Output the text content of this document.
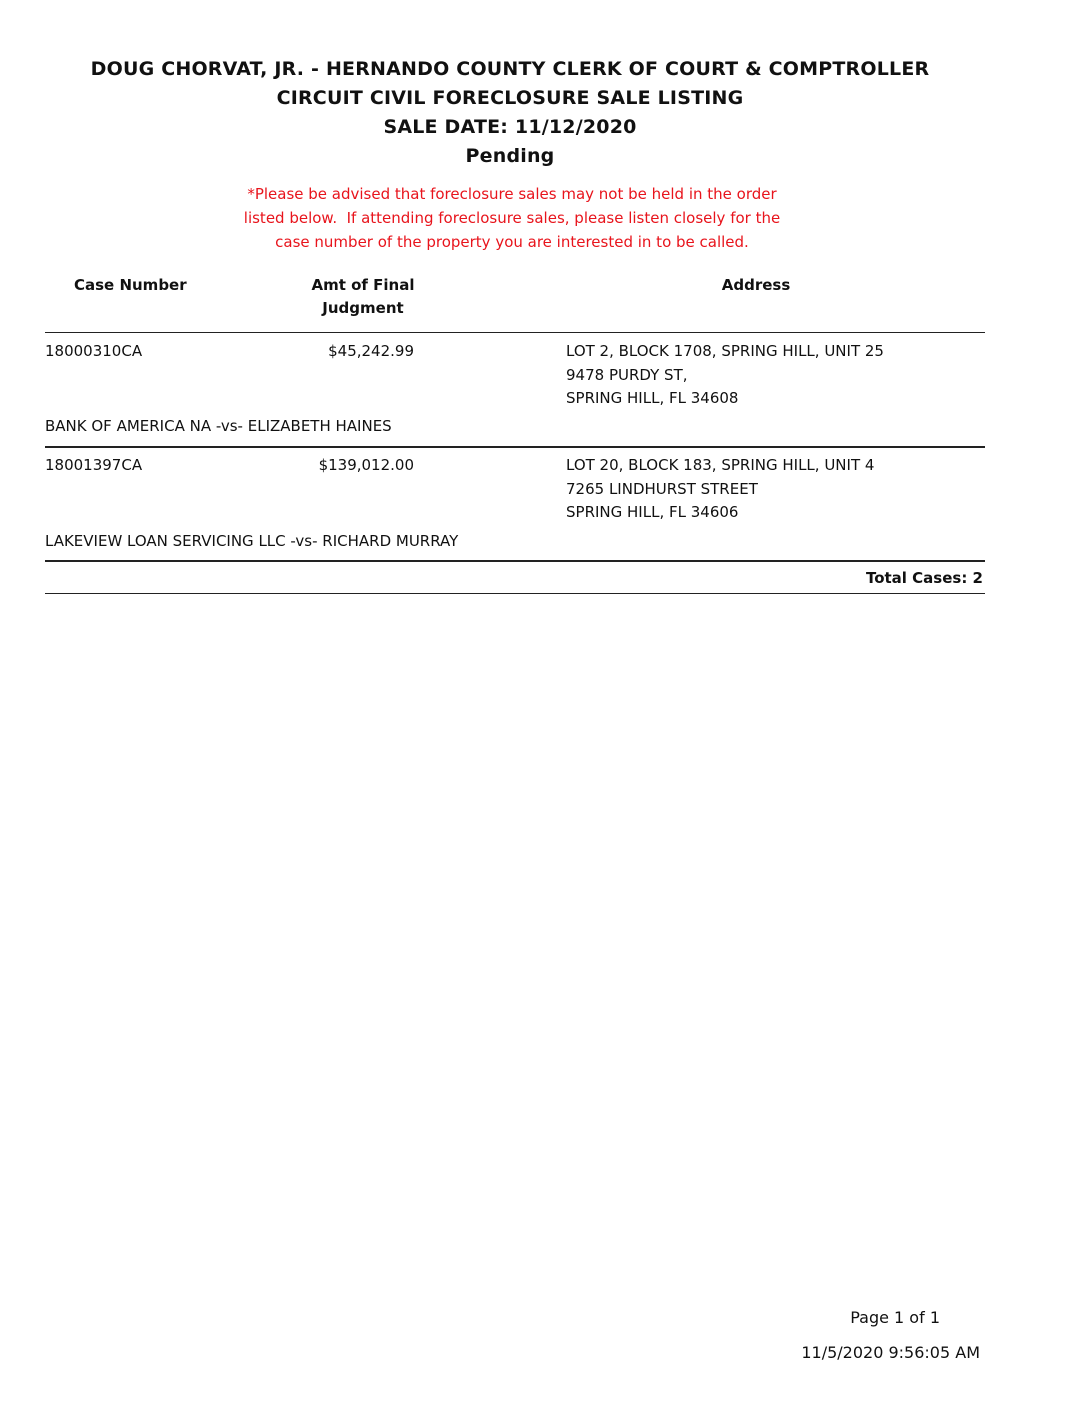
DOUG CHORVAT, JR. - HERNANDO COUNTY CLERK OF COURT & COMPTROLLER
CIRCUIT CIVIL FORECLOSURE SALE LISTING
SALE DATE: 11/12/2020
Pending
*Please be advised that foreclosure sales may not be held in the order
listed below.  If attending foreclosure sales, please listen closely for the
case number of the property you are interested in to be called.
Case Number	Amt of Final
Judgment
Address
18000310CA	$45,242.99	LOT 2, BLOCK 1708, SPRING HILL, UNIT 25
9478 PURDY ST,
SPRING HILL, FL 34608
BANK OF AMERICA NA -vs- ELIZABETH HAINES
18001397CA	$139,012.00	LOT 20, BLOCK 183, SPRING HILL, UNIT 4
7265 LINDHURST STREET
SPRING HILL, FL 34606
LAKEVIEW LOAN SERVICING LLC -vs- RICHARD MURRAY
Total Cases: 2
Page 1 of 1
11/5/2020 9:56:05 AM
